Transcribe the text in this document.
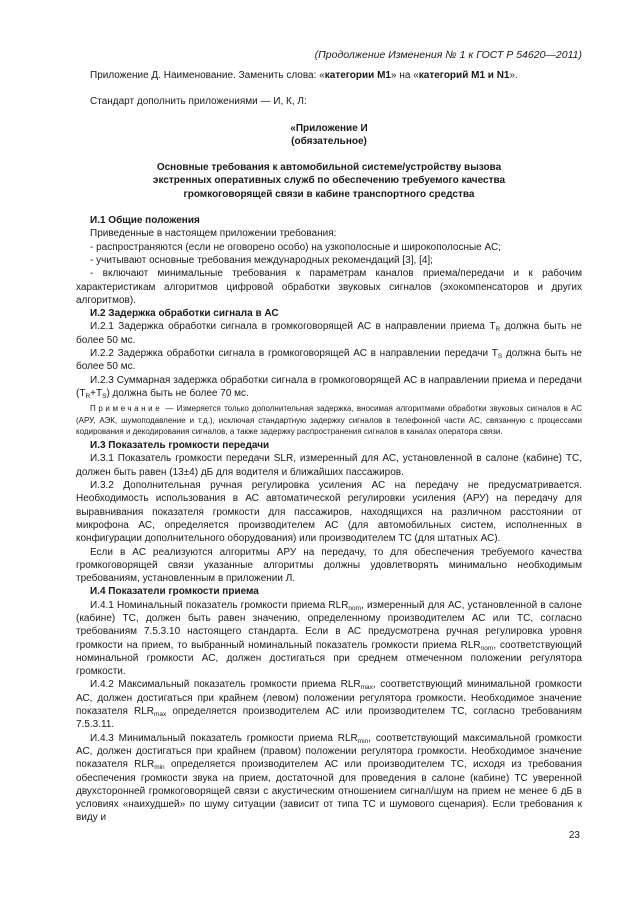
(Продолжение Изменения № 1 к ГОСТ Р 54620—2011)

Приложение Д. Наименование. Заменить слова: «категории М1» на «категорий М1 и N1».

Стандарт дополнить приложениями — И, К, Л:

«Приложение И

(обязательное)

Основные требования к автомобильной системе/устройству вызова

экстренных оперативных служб по обеспечению требуемого качества

громкоговорящей связи в кабине транспортного средства

И.1 Общие положения

Приведенные в настоящем приложении требования:

- распространяются (если не оговорено особо) на узкополосные и широкополосные АС;

- учитывают основные требования международных рекомендаций [3], [4];

- включают минимальные требования к параметрам каналов приема/передачи и к рабочим характеристикам алгоритмов цифровой обработки звуковых сигналов (эхокомпенсаторов и других алгоритмов).

И.2 Задержка обработки сигнала в АС

И.2.1 Задержка обработки сигнала в громкоговорящей АС в направлении приема $T_R$ должна быть не более 50 мс.

И.2.2 Задержка обработки сигнала в громкоговорящей АС в направлении передачи $T_S$ должна быть не более 50 мс.

И.2.3 Суммарная задержка обработки сигнала в громкоговорящей АС в направлении приема и передачи $(T_R+T_S)$ должна быть не более 70 мс.

Примечание — Измеряется только дополнительная задержка, вносимая алгоритмами обработки звуковых сигналов в АС (АРУ, АЭК, шумоподавление и т.д.), исключая стандартную задержку сигналов в телефонной части АС, связанную с процессами кодирования и декодирования сигналов, а также задержку распространения сигналов в каналах оператора связи.

И.3 Показатель громкости передачи

И.3.1 Показатель громкости передачи SLR, измеренный для АС, установленной в салоне (кабине) ТС, должен быть равен (13±4) дБ для водителя и ближайших пассажиров.

И.3.2 Дополнительная ручная регулировка усиления АС на передачу не предусматривается. Необходимость использования в АС автоматической регулировки усиления (АРУ) на передачу для выравнивания показателя громкости для пассажиров, находящихся на различном расстоянии от микрофона АС, определяется производителем АС (для автомобильных систем, исполненных в конфигурации дополнительного оборудования) или производителем ТС (для штатных АС).

Если в АС реализуются алгоритмы АРУ на передачу, то для обеспечения требуемого качества громкоговорящей связи указанные алгоритмы должны удовлетворять минимально необходимым требованиям, установленным в приложении Л.

И.4 Показатели громкости приема

И.4.1 Номинальный показатель громкости приема $RLR_{nom}$, измеренный для АС, установленной в салоне (кабине) ТС, должен быть равен значению, определенному производителем АС или ТС, согласно требованиям 7.5.3.10 настоящего стандарта. Если в АС предусмотрена ручная регулировка уровня громкости на прием, то выбранный номинальный показатель громкости приема $RLR_{nom}$, соответствующий номинальной громкости АС, должен достигаться при среднем отмеченном положении регулятора громкости.

И.4.2 Максимальный показатель громкости приема $RLR_{max}$, соответствующий минимальной громкости АС, должен достигаться при крайнем (левом) положении регулятора громкости. Необходимое значение показателя $RLR_{max}$ определяется производителем АС или производителем ТС, согласно требованиям 7.5.3.11.

И.4.3 Минимальный показатель громкости приема $RLR_{min}$, соответствующий максимальной громкости АС, должен достигаться при крайнем (правом) положении регулятора громкости. Необходимое значение показателя $RLR_{min}$ определяется производителем АС или производителем ТС, исходя из требования обеспечения громкости звука на прием, достаточной для проведения в салоне (кабине) ТС уверенной двухсторонней громкоговорящей связи с акустическим отношением сигнал/шум на прием не менее 6 дБ в условиях «наихудшей» по шуму ситуации (зависит от типа ТС и шумового сценария). Если требования к виду и

23
